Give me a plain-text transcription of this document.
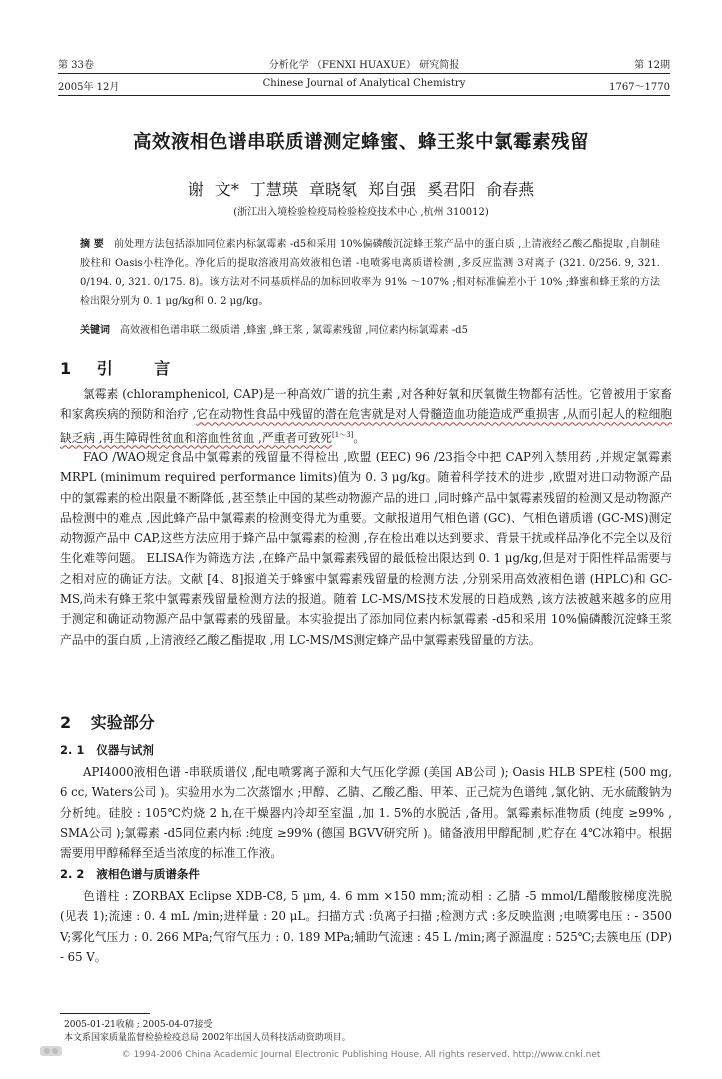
第 33卷	分析化学 （FENXI HUAXUE） 研究简报	第 12期
2005年 12月	Chinese Journal of Analytical Chemistry	1767～1770
高效液相色谱串联质谱测定蜂蜜、蜂王浆中氯霉素残留
谢 文* 丁慧瑛 章晓氡 郑自强 奚君阳 俞春燕
(浙江出入境检验检疫局检验检疫技术中心 ,杭州 310012)
摘 要 前处理方法包括添加同位素内标氯霉素 -d5和采用 10%偏磷酸沉淀蜂王浆产品中的蛋白质 ,上清液经乙酸乙酯提取 ,自制硅胶柱和 Oasis小柱净化。净化后的提取溶液用高效液相色谱 -电喷雾电离质谱检测 ,多反应监测 3对离子 (321. 0/256. 9, 321. 0/194. 0, 321. 0/175. 8)。该方法对不同基质样品的加标回收率为 91% ～107% ;相对标准偏差小于 10% ;蜂蜜和蜂王浆的方法检出限分别为 0. 1 μg/kg和 0. 2 μg/kg。
关键词 高效液相色谱串联二级质谱 ,蜂蜜 ,蜂王浆 , 氯霉素残留 ,同位素内标氯霉素 -d5
1 引 言
氯霉素 (chloramphenicol, CAP)是一种高效广谱的抗生素 ,对各种好氧和厌氧微生物都有活性。它曾被用于家畜和家禽疾病的预防和治疗 ,它在动物性食品中残留的潜在危害就是对人骨髓造血功能造成严重损害 ,从而引起人的粒细胞缺乏病 ,再生障碍性贫血和溶血性贫血 ,严重者可致死[1～3]。
FAO /WAO规定食品中氯霉素的残留量不得检出 ,欧盟 (EEC) 96 /23指令中把 CAP列入禁用药 ,并规定氯霉素 MRPL (minimum required performance limits)值为 0. 3 μg/kg。随着科学技术的进步 ,欧盟对进口动物源产品中的氯霉素的检出限量不断降低 ,甚至禁止中国的某些动物源产品的进口 ,同时蜂产品中氯霉素残留的检测又是动物源产品检测中的难点 ,因此蜂产品中氯霉素的检测变得尤为重要。文献报道用气相色谱 (GC)、气相色谱质谱 (GC-MS)测定动物源产品中 CAP,这些方法应用于蜂产品中氯霉素的检测 ,存在检出难以达到要求、背景干扰或样品净化不完全以及衍生化难等问题。 ELISA作为筛选方法 ,在蜂产品中氯霉素残留的最低检出限达到 0. 1 μg/kg,但是对于阳性样品需要与之相对应的确证方法。文献 [4、8]报道关于蜂蜜中氯霉素残留量的检测方法 ,分别采用高效液相色谱 (HPLC)和 GC-MS,尚未有蜂王浆中氯霉素残留量检测方法的报道。随着 LC-MS/MS技术发展的日趋成熟 ,该方法被越来越多的应用于测定和确证动物源产品中氯霉素的残留量。本实验提出了添加同位素内标氯霉素 -d5和采用 10%偏磷酸沉淀蜂王浆产品中的蛋白质 ,上清液经乙酸乙酯提取 ,用 LC-MS/MS测定蜂产品中氯霉素残留量的方法。
2 实验部分
2. 1 仪器与试剂
API4000液相色谱 -串联质谱仪 ,配电喷雾离子源和大气压化学源 (美国 AB公司 ); Oasis HLB SPE柱 (500 mg, 6 cc, Waters公司 )。实验用水为二次蒸馏水 ;甲醇、乙腈、乙酸乙酯、甲苯、正己烷为色谱纯 ,氯化钠、无水硫酸钠为分析纯。硅胶 : 105℃灼烧 2 h,在干燥器内冷却至室温 ,加 1. 5%的水脱活 ,备用。氯霉素标准物质 (纯度 ≥99% , SMA公司 );氯霉素 -d5同位素内标 :纯度 ≥99% (德国 BGVV研究所 )。储备液用甲醇配制 ,贮存在 4℃冰箱中。根据需要用甲醇稀释至适当浓度的标准工作液。
2. 2 液相色谱与质谱条件
色谱柱 : ZORBAX Eclipse XDB-C8, 5 μm, 4. 6 mm ×150 mm;流动相 : 乙腈 -5 mmol/L醋酸胺梯度洗脱 (见表 1);流速 : 0. 4 mL /min;进样量 : 20 μL。扫描方式 :负离子扫描 ;检测方式 :多反映监测 ;电喷雾电压 : - 3500 V;雾化气压力 : 0. 266 MPa;气帘气压力 : 0. 189 MPa;辅助气流速 : 45 L /min;离子源温度 : 525℃;去簇电压 (DP) - 65 V。
2005-01-21收稿 ; 2005-04-07接受
本文系国家质量监督检验检疫总局 2002年出国人员科技活动资助项目。
© 1994-2006 China Academic Journal Electronic Publishing House. All rights reserved. http://www.cnki.net
